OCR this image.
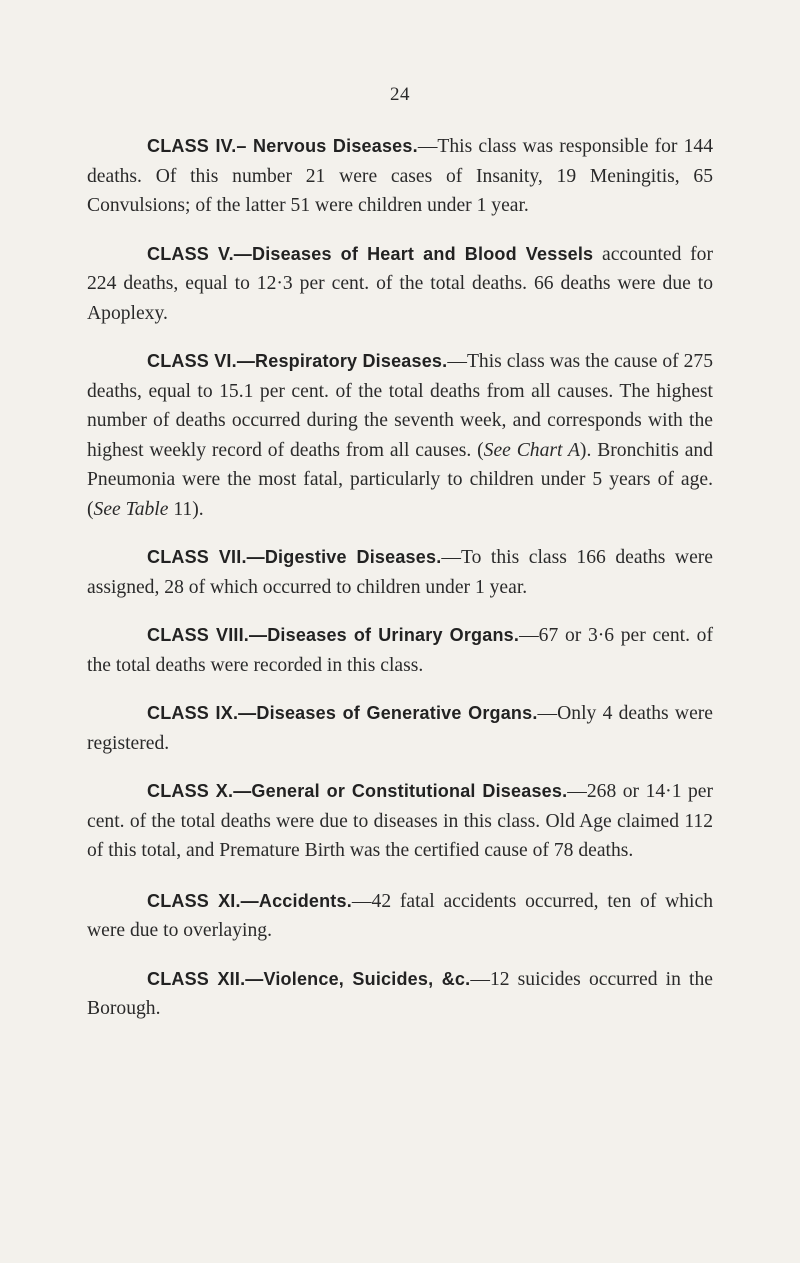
24

CLASS IV.– Nervous Diseases.—This class was responsible for 144 deaths. Of this number 21 were cases of Insanity, 19 Meningitis, 65 Convulsions; of the latter 51 were children under 1 year.

CLASS V.—Diseases of Heart and Blood Vessels accounted for 224 deaths, equal to 12·3 per cent. of the total deaths. 66 deaths were due to Apoplexy.

CLASS VI.—Respiratory Diseases.—This class was the cause of 275 deaths, equal to 15.1 per cent. of the total deaths from all causes. The highest number of deaths occurred during the seventh week, and corresponds with the highest weekly record of deaths from all causes. (See Chart A). Bronchitis and Pneumonia were the most fatal, particularly to children under 5 years of age. (See Table 11).

CLASS VII.—Digestive Diseases.—To this class 166 deaths were assigned, 28 of which occurred to children under 1 year.

CLASS VIII.—Diseases of Urinary Organs.—67 or 3·6 per cent. of the total deaths were recorded in this class.

CLASS IX.—Diseases of Generative Organs.—Only 4 deaths were registered.

CLASS X.—General or Constitutional Diseases.—268 or 14·1 per cent. of the total deaths were due to diseases in this class. Old Age claimed 112 of this total, and Premature Birth was the certified cause of 78 deaths.

CLASS XI.—Accidents.—42 fatal accidents occurred, ten of which were due to overlaying.

CLASS XII.—Violence, Suicides, &c.—12 suicides occurred in the Borough.
